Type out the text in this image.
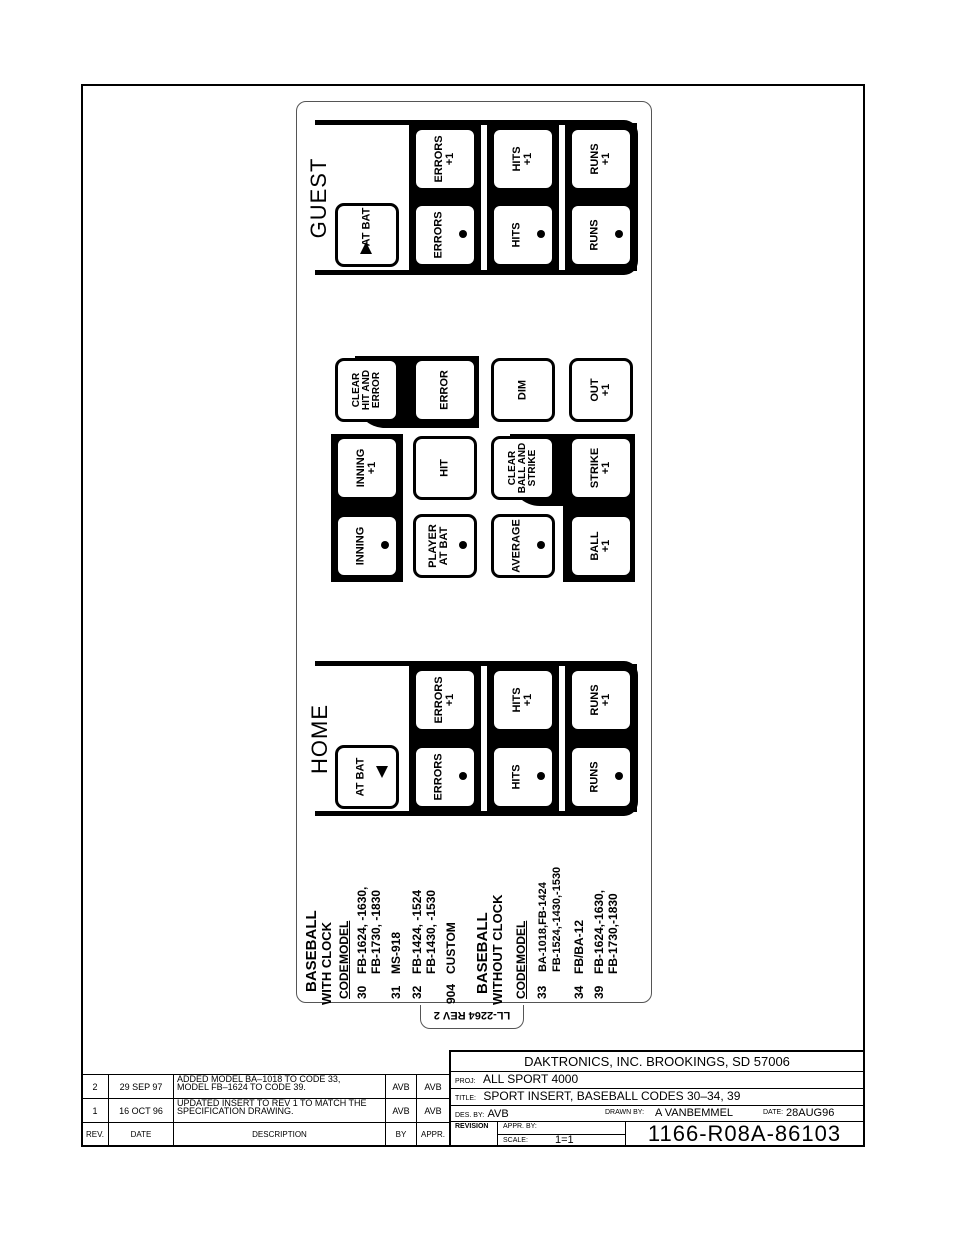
GUEST	AT BAT
ERRORS
+1
ERRORS
HITS
+1
HITS
RUNS
+1
RUNS
CLEAR
HIT AND
ERROR	ERROR	DIM	OUT
+1
INNING
+1	HIT	CLEAR
BALL AND
STRIKE	STRIKE
+1
INNING	PLAYER
AT BAT	AVERAGE	BALL
+1
HOME
AT BAT
ERRORS
+1
ERRORS
HITS
+1
HITS
RUNS
+1
RUNS
BASEBALL WITH CLOCK CODE
MODEL
30
FB-1624, -1630, FB-1730, -1830
31
MS-918
32
FB-1424, -1524 FB-1430, -1530
904
CUSTOM BASEBALL WITHOUT CLOCK CODE
MODEL
33
BA-1018,FB-1424 FB-1524,-1430,-1530
34
FB/BA-12
39
FB-1624,-1630, FB-1730,-1830
LL-2264 REV 2
2	29 SEP 97	ADDED MODEL BA–1018 TO CODE 33,
MODEL FB–1624 TO CODE 39.	AVB	AVB
1	16 OCT 96	UPDATED INSERT TO REV 1 TO MATCH THE
SPECIFICATION DRAWING.	AVB	AVB
REV.	DATE	DESCRIPTION	BY	APPR.
DAKTRONICS, INC. BROOKINGS, SD 57006
PROJ: ALL SPORT 4000
TITLE: SPORT INSERT, BASEBALL CODES 30–34, 39
DES. BY: AVB	DRAWN BY: A VANBEMMEL	DATE: 28AUG96
REVISION APPR. BY:
SCALE: 1=1	1166-R08A-86103
